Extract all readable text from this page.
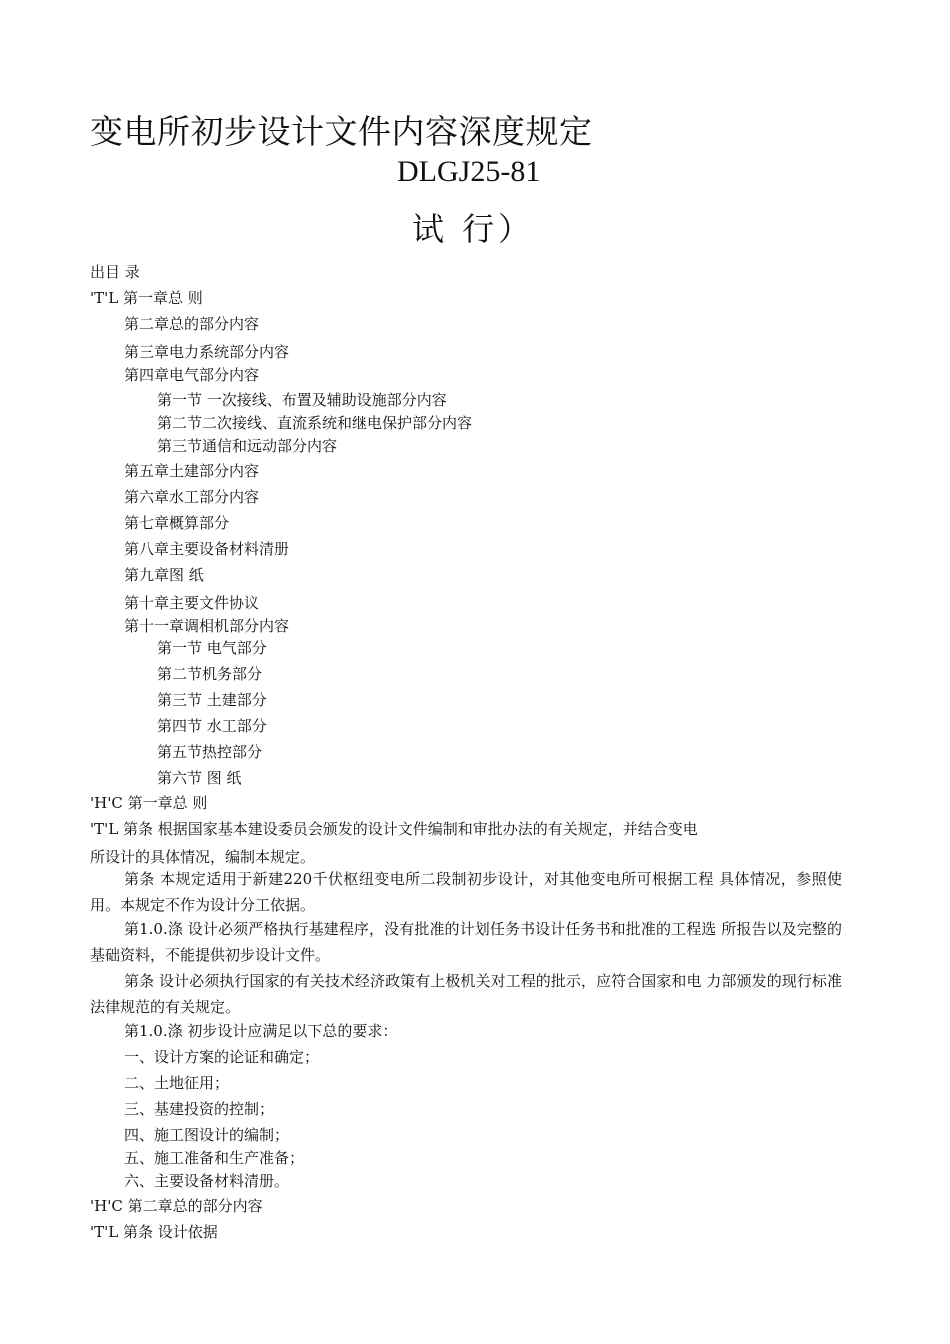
变电所初步设计文件内容深度规定
DLGJ25-81
试 行）
出目 录
'T'L 第一章总 则
第二章总的部分内容
第三章电力系统部分内容
第四章电气部分内容
第一节 一次接线、布置及辅助设施部分内容
第二节二次接线、直流系统和继电保护部分内容
第三节通信和远动部分内容
第五章土建部分内容
第六章水工部分内容
第七章概算部分
第八章主要设备材料清册
第九章图 纸
第十章主要文件协议
第十一章调相机部分内容
第一节 电气部分
第二节机务部分
第三节 土建部分
第四节 水工部分
第五节热控部分
第六节 图 纸
'H'C 第一章总 则
'T'L 第条 根据国家基本建设委员会颁发的设计文件编制和审批办法的有关规定，并结合变电
所设计的具体情况，编制本规定。
第条 本规定适用于新建220千伏枢纽变电所二段制初步设计，对其他变电所可根据工程 具体情况，参照使用。本规定不作为设计分工依据。
第1.0.涤 设计必须严格执行基建程序，没有批准的计划任务书设计任务书和批准的工程选 所报告以及完整的基础资料，不能提供初步设计文件。
第条 设计必须执行国家的有关技术经济政策有上极机关对工程的批示，应符合国家和电 力部颁发的现行标准法律规范的有关规定。
第1.0.涤 初步设计应满足以下总的要求：
一、设计方案的论证和确定；
二、土地征用；
三、基建投资的控制；
四、施工图设计的编制；
五、施工准备和生产准备；
六、主要设备材料清册。
'H'C 第二章总的部分内容
'T'L 第条 设计依据
